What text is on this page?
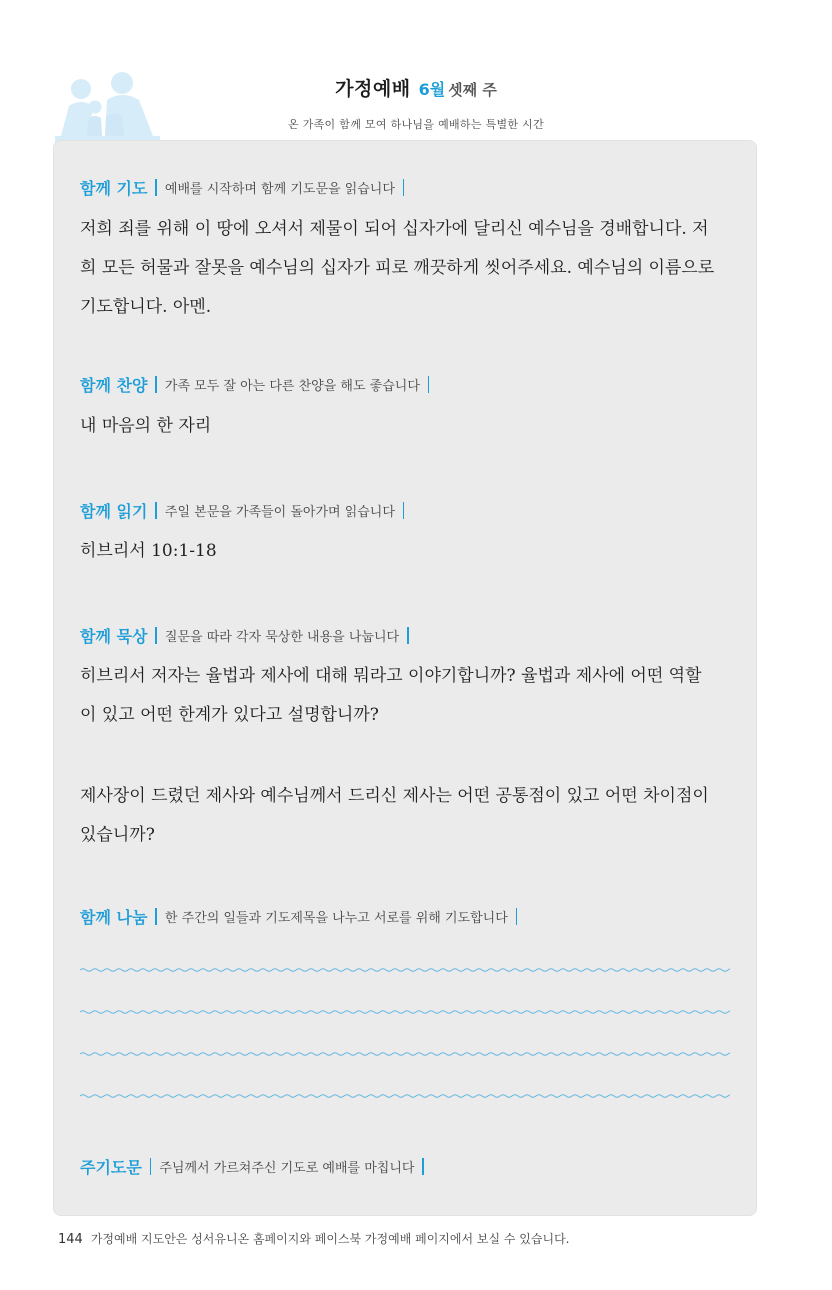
가정예배 6월 셋째 주
온 가족이 함께 모여 하나님을 예배하는 특별한 시간
함께 기도 예배를 시작하며 함께 기도문을 읽습니다
저희 죄를 위해 이 땅에 오셔서 제물이 되어 십자가에 달리신 예수님을 경배합니다. 저
희 모든 허물과 잘못을 예수님의 십자가 피로 깨끗하게 씻어주세요. 예수님의 이름으로
기도합니다. 아멘.
함께 찬양 가족 모두 잘 아는 다른 찬양을 해도 좋습니다
내 마음의 한 자리
함께 읽기 주일 본문을 가족들이 돌아가며 읽습니다
히브리서 10:1-18
함께 묵상 질문을 따라 각자 묵상한 내용을 나눕니다
히브리서 저자는 율법과 제사에 대해 뭐라고 이야기합니까? 율법과 제사에 어떤 역할
이 있고 어떤 한계가 있다고 설명합니까?
제사장이 드렸던 제사와 예수님께서 드리신 제사는 어떤 공통점이 있고 어떤 차이점이
있습니까?
함께 나눔 한 주간의 일들과 기도제목을 나누고 서로를 위해 기도합니다
주기도문 주님께서 가르쳐주신 기도로 예배를 마칩니다
144 가정예배 지도안은 성서유니온 홈페이지와 페이스북 가정예배 페이지에서 보실 수 있습니다.
